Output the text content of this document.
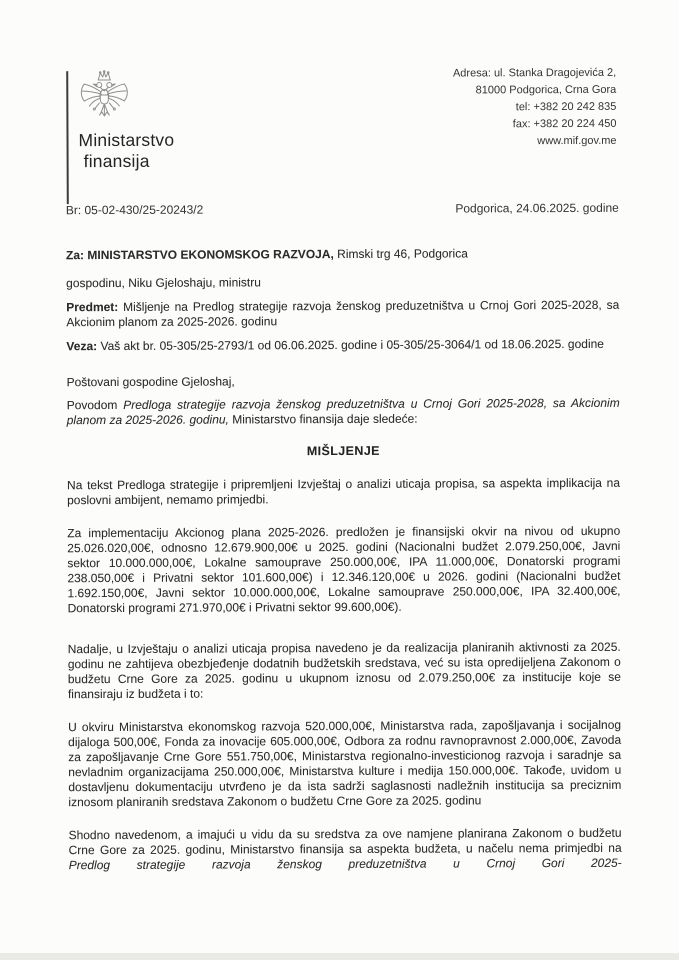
Ministarstvo
finansija
Adresa: ul. Stanka Dragojevića 2,
81000 Podgorica, Crna Gora
tel: +382 20 242 835
fax: +382 20 224 450
www.mif.gov.me
Br: 05-02-430/25-20243/2	Podgorica, 24.06.2025. godine

Za: MINISTARSTVO EKONOMSKOG RAZVOJA, Rimski trg 46, Podgorica

gospodinu, Niku Gjeloshaju, ministru

Predmet: Mišljenje na Predlog strategije razvoja ženskog preduzetništva u Crnoj Gori 2025-2028, sa Akcionim planom za 2025-2026. godinu

Veza: Vaš akt br. 05-305/25-2793/1 od 06.06.2025. godine i 05-305/25-3064/1 od 18.06.2025. godine

Poštovani gospodine Gjeloshaj,

Povodom Predloga strategije razvoja ženskog preduzetništva u Crnoj Gori 2025-2028, sa Akcionim planom za 2025-2026. godinu, Ministarstvo finansija daje sledeće:

MIŠLJENJE

Na tekst Predloga strategije i pripremljeni Izvještaj o analizi uticaja propisa, sa aspekta implikacija na poslovni ambijent, nemamo primjedbi.

Za implementaciju Akcionog plana 2025-2026. predložen je finansijski okvir na nivou od ukupno 25.026.020,00€, odnosno 12.679.900,00€ u 2025. godini (Nacionalni budžet 2.079.250,00€, Javni sektor 10.000.000,00€, Lokalne samouprave 250.000,00€, IPA 11.000,00€, Donatorski programi 238.050,00€ i Privatni sektor 101.600,00€) i 12.346.120,00€ u 2026. godini (Nacionalni budžet 1.692.150,00€, Javni sektor 10.000.000,00€, Lokalne samouprave 250.000,00€, IPA 32.400,00€, Donatorski programi 271.970,00€ i Privatni sektor 99.600,00€).

Nadalje, u Izvještaju o analizi uticaja propisa navedeno je da realizacija planiranih aktivnosti za 2025. godinu ne zahtijeva obezbjeđenje dodatnih budžetskih sredstava, već su ista opredijeljena Zakonom o budžetu Crne Gore za 2025. godinu u ukupnom iznosu od 2.079.250,00€ za institucije koje se finansiraju iz budžeta i to:

U okviru Ministarstva ekonomskog razvoja 520.000,00€, Ministarstva rada, zapošljavanja i socijalnog dijaloga 500,00€, Fonda za inovacije 605.000,00€, Odbora za rodnu ravnopravnost 2.000,00€, Zavoda za zapošljavanje Crne Gore 551.750,00€, Ministarstva regionalno-investicionog razvoja i saradnje sa nevladnim organizacijama 250.000,00€, Ministarstva kulture i medija 150.000,00€. Takođe, uvidom u dostavljenu dokumentaciju utvrđeno je da ista sadrži saglasnosti nadležnih institucija sa preciznim iznosom planiranih sredstava Zakonom o budžetu Crne Gore za 2025. godinu

Shodno navedenom, a imajući u vidu da su sredstva za ove namjene planirana Zakonom o budžetu Crne Gore za 2025. godinu, Ministarstvo finansija sa aspekta budžeta, u načelu nema primjedbi na Predlog strategije razvoja ženskog preduzetništva u Crnoj Gori 2025-
